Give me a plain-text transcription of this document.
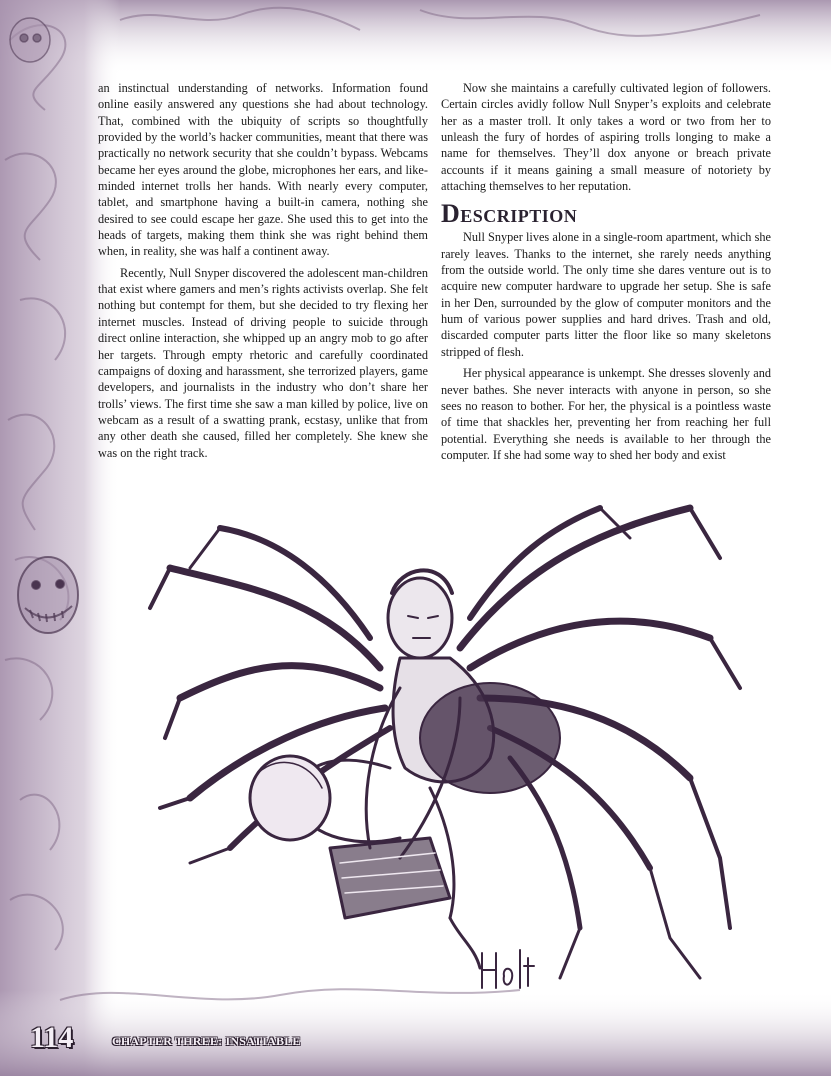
an instinctual understanding of networks. Information found online easily answered any questions she had about technology. That, combined with the ubiquity of scripts so thoughtfully provided by the world’s hacker communities, meant that there was practically no network security that she couldn’t bypass. Webcams became her eyes around the globe, microphones her ears, and like-minded internet trolls her hands. With nearly every computer, tablet, and smartphone having a built-in camera, nothing she desired to see could escape her gaze. She used this to get into the heads of targets, making them think she was right behind them when, in reality, she was half a continent away.

Recently, Null Snyper discovered the adolescent man-children that exist where gamers and men’s rights activists overlap. She felt nothing but contempt for them, but she decided to try flexing her internet muscles. Instead of driving people to suicide through direct online interaction, she whipped up an angry mob to go after her targets. Through empty rhetoric and carefully coordinated campaigns of doxing and harassment, she terrorized players, game developers, and journalists in the industry who don’t share her trolls’ views. The first time she saw a man killed by police, live on webcam as a result of a swatting prank, ecstasy, unlike that from any other death she caused, filled her completely. She knew she was on the right track.

Now she maintains a carefully cultivated legion of followers. Certain circles avidly follow Null Snyper’s exploits and celebrate her as a master troll. It only takes a word or two from her to unleash the fury of hordes of aspiring trolls longing to make a name for themselves. They’ll dox anyone or breach private accounts if it means gaining a small measure of notoriety by attaching themselves to her reputation.

Description

Null Snyper lives alone in a single-room apartment, which she rarely leaves. Thanks to the internet, she rarely needs anything from the outside world. The only time she dares venture out is to acquire new computer hardware to upgrade her setup. She is safe in her Den, surrounded by the glow of computer monitors and the hum of various power supplies and hard drives. Trash and old, discarded computer parts litter the floor like so many skeletons stripped of flesh.

Her physical appearance is unkempt. She dresses slovenly and never bathes. She never interacts with anyone in person, so she sees no reason to bother. For her, the physical is a pointless waste of time that shackles her, preventing her from reaching her full potential. Everything she needs is available to her through the computer. If she had some way to shed her body and exist

114	CHAPTER THREE: INSATIABLE
